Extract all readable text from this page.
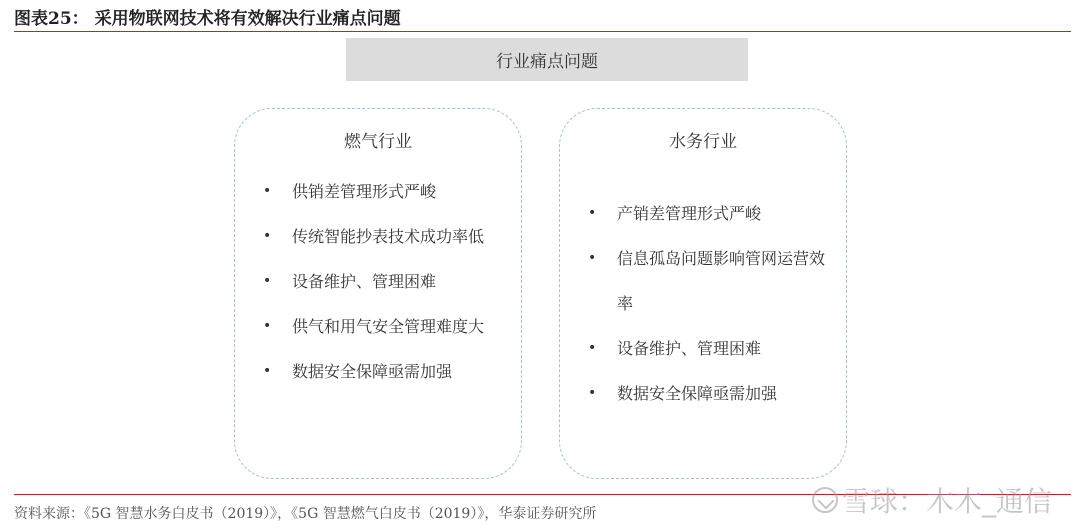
图表25： 采用物联网技术将有效解决行业痛点问题
行业痛点问题
燃气行业
• 供销差管理形式严峻
• 传统智能抄表技术成功率低
• 设备维护、管理困难
• 供气和用气安全管理难度大
• 数据安全保障亟需加强
水务行业
• 产销差管理形式严峻
• 信息孤岛问题影响管网运营效率
• 设备维护、管理困难
• 数据安全保障亟需加强
资料来源：《5G 智慧水务白皮书（2019）》，《5G 智慧燃气白皮书（2019）》，华泰证券研究所	雪球：木木_通信
